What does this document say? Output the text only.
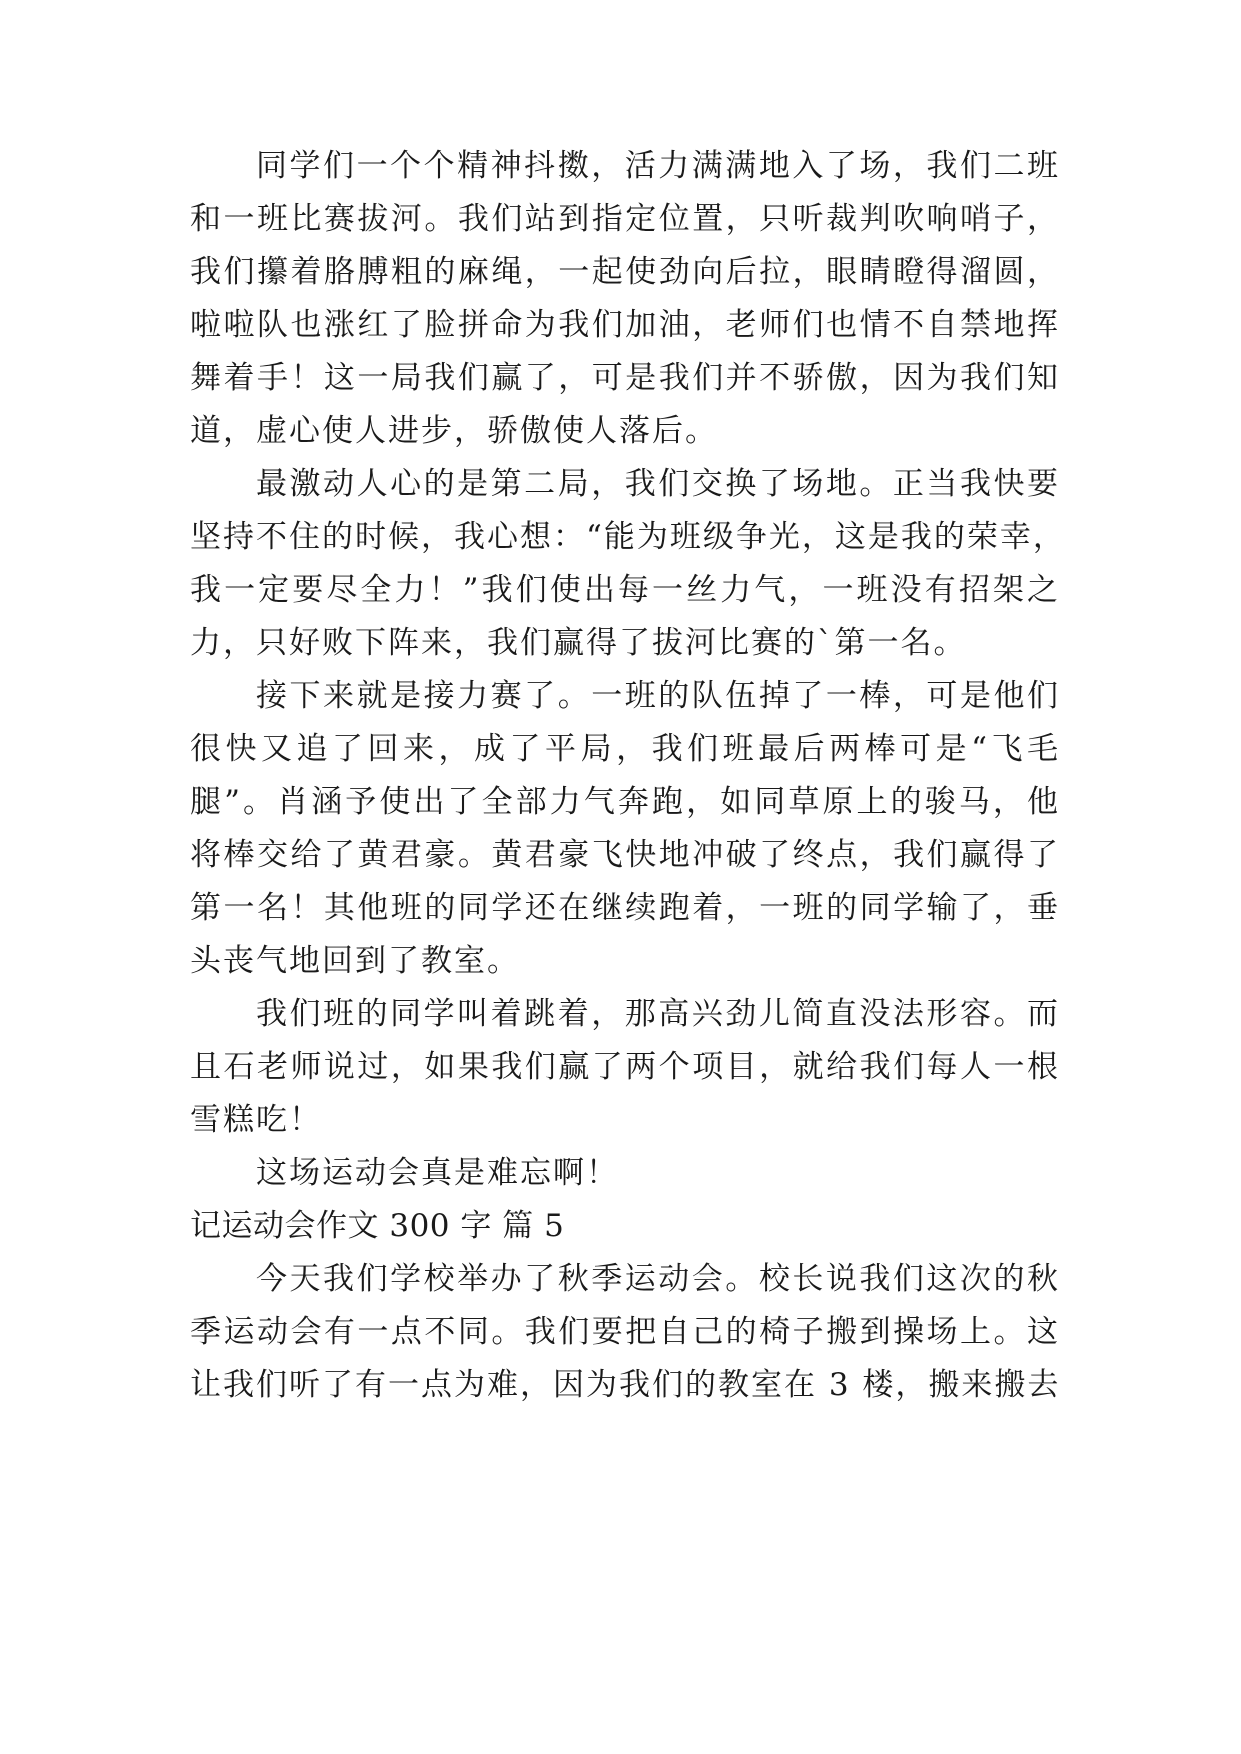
同学们一个个精神抖擞，活力满满地入了场，我们二班
和一班比赛拔河。我们站到指定位置，只听裁判吹响哨子，
我们攥着胳膊粗的麻绳，一起使劲向后拉，眼睛瞪得溜圆，
啦啦队也涨红了脸拼命为我们加油，老师们也情不自禁地挥
舞着手！这一局我们赢了，可是我们并不骄傲，因为我们知
道，虚心使人进步，骄傲使人落后。
最激动人心的是第二局，我们交换了场地。正当我快要
坚持不住的时候，我心想：“能为班级争光，这是我的荣幸，
我一定要尽全力！”我们使出每一丝力气，一班没有招架之
力，只好败下阵来，我们赢得了拔河比赛的`第一名。
接下来就是接力赛了。一班的队伍掉了一棒，可是他们
很快又追了回来，成了平局，我们班最后两棒可是“飞毛
腿”。肖涵予使出了全部力气奔跑，如同草原上的骏马，他
将棒交给了黄君豪。黄君豪飞快地冲破了终点，我们赢得了
第一名！其他班的同学还在继续跑着，一班的同学输了，垂
头丧气地回到了教室。
我们班的同学叫着跳着，那高兴劲儿简直没法形容。而
且石老师说过，如果我们赢了两个项目，就给我们每人一根
雪糕吃！
这场运动会真是难忘啊！
记运动会作文 300 字 篇 5
今天我们学校举办了秋季运动会。校长说我们这次的秋
季运动会有一点不同。我们要把自己的椅子搬到操场上。这
让我们听了有一点为难，因为我们的教室在 3 楼，搬来搬去
